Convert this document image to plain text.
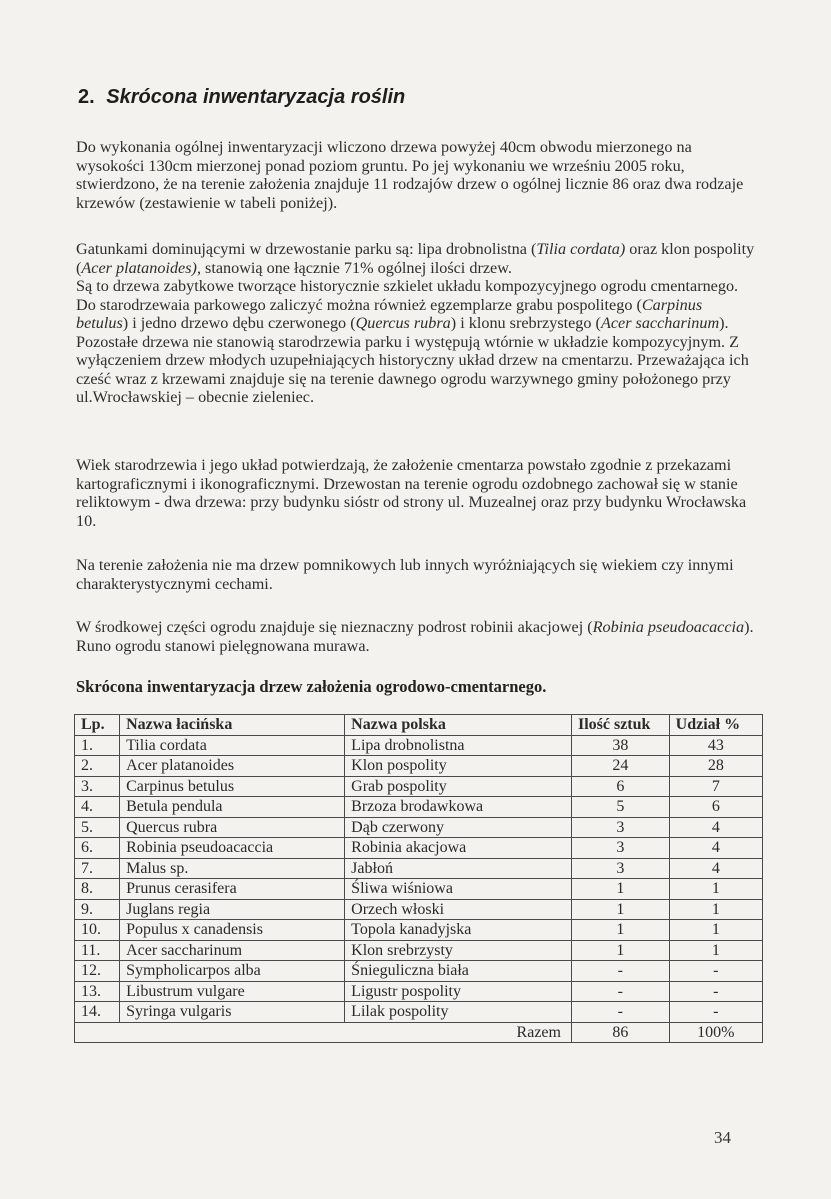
2. Skrócona inwentaryzacja roślin
Do wykonania ogólnej inwentaryzacji wliczono drzewa powyżej 40cm obwodu mierzonego na wysokości 130cm mierzonej ponad poziom gruntu. Po jej wykonaniu we wrześniu 2005 roku, stwierdzono, że na terenie założenia znajduje 11 rodzajów drzew o ogólnej licznie 86 oraz dwa rodzaje krzewów (zestawienie w tabeli poniżej).
Gatunkami dominującymi w drzewostanie parku są: lipa drobnolistna (Tilia cordata) oraz klon pospolity (Acer platanoides), stanowią one łącznie 71% ogólnej ilości drzew.
Są to drzewa zabytkowe tworzące historycznie szkielet układu kompozycyjnego ogrodu cmentarnego. Do starodrzewaia parkowego zaliczyć można również egzemplarze grabu pospolitego (Carpinus betulus) i jedno drzewo dębu czerwonego (Quercus rubra) i klonu srebrzystego (Acer saccharinum).
Pozostałe drzewa nie stanowią starodrzewia parku i występują wtórnie w układzie kompozycyjnym. Z wyłączeniem drzew młodych uzupełniających historyczny układ drzew na cmentarzu. Przeważająca ich cześć wraz z krzewami znajduje się na terenie dawnego ogrodu warzywnego gminy położonego przy ul.Wrocławskiej – obecnie zieleniec.
Wiek starodrzewia i jego układ potwierdzają, że założenie cmentarza powstało zgodnie z przekazami kartograficznymi i ikonograficznymi. Drzewostan na terenie ogrodu ozdobnego zachował się w stanie reliktowym - dwa drzewa: przy budynku sióstr od strony ul. Muzealnej oraz przy budynku Wrocławska 10.
Na terenie założenia nie ma drzew pomnikowych lub innych wyróżniających się wiekiem czy innymi charakterystycznymi cechami.
W środkowej części ogrodu znajduje się nieznaczny podrost robinii akacjowej (Robinia pseudoacaccia). Runo ogrodu stanowi pielęgnowana murawa.
Skrócona inwentaryzacja drzew założenia ogrodowo-cmentarnego.
Lp.	Nazwa łacińska	Nazwa polska	Ilość sztuk	Udział %
1.	Tilia cordata	Lipa drobnolistna	38	43
2.	Acer platanoides	Klon pospolity	24	28
3.	Carpinus betulus	Grab pospolity	6	7
4.	Betula pendula	Brzoza brodawkowa	5	6
5.	Quercus rubra	Dąb czerwony	3	4
6.	Robinia pseudoacaccia	Robinia akacjowa	3	4
7.	Malus sp.	Jabłoń	3	4
8.	Prunus cerasifera	Śliwa wiśniowa	1	1
9.	Juglans regia	Orzech włoski	1	1
10.	Populus x canadensis	Topola kanadyjska	1	1
11.	Acer saccharinum	Klon srebrzysty	1	1
12.	Sympholicarpos alba	Śnieguliczna biała	-	-
13.	Libustrum vulgare	Ligustr pospolity	-	-
14.	Syringa vulgaris	Lilak pospolity	-	-
		Razem	86	100%
34
